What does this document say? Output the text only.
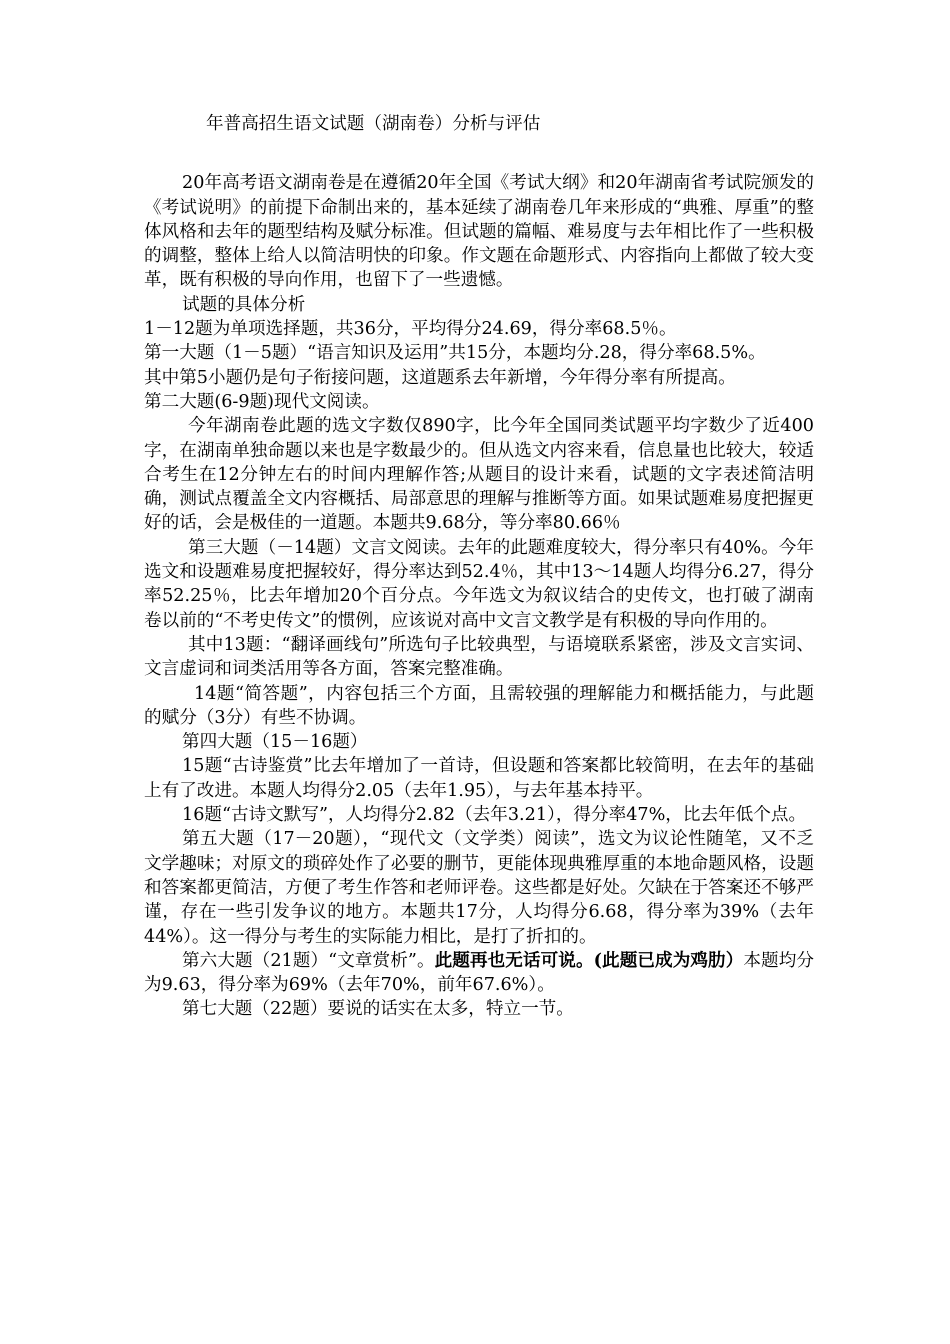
年普高招生语文试题（湖南卷）分析与评估

20年高考语文湖南卷是在遵循20年全国《考试大纲》和20年湖南省考试院颁发的《考试说明》的前提下命制出来的，基本延续了湖南卷几年来形成的“典雅、厚重”的整体风格和去年的题型结构及赋分标准。但试题的篇幅、难易度与去年相比作了一些积极的调整，整体上给人以简洁明快的印象。作文题在命题形式、内容指向上都做了较大变革，既有积极的导向作用，也留下了一些遗憾。

试题的具体分析

1－12题为单项选择题，共36分，平均得分24.69，得分率68.5％。

第一大题（1－5题）“语言知识及运用”共15分，本题均分.28，得分率68.5%。

其中第5小题仍是句子衔接问题，这道题系去年新增，今年得分率有所提高。

第二大题(6-9题)现代文阅读。

今年湖南卷此题的选文字数仅890字，比今年全国同类试题平均字数少了近400字，在湖南单独命题以来也是字数最少的。但从选文内容来看，信息量也比较大，较适合考生在12分钟左右的时间内理解作答;从题目的设计来看，试题的文字表述简洁明确，测试点覆盖全文内容概括、局部意思的理解与推断等方面。如果试题难易度把握更好的话，会是极佳的一道题。本题共9.68分，等分率80.66％

第三大题（－14题）文言文阅读。去年的此题难度较大，得分率只有40%。今年选文和设题难易度把握较好，得分率达到52.4％，其中13～14题人均得分6.27，得分率52.25％，比去年增加20个百分点。今年选文为叙议结合的史传文，也打破了湖南卷以前的“不考史传文”的惯例，应该说对高中文言文教学是有积极的导向作用的。

其中13题：“翻译画线句”所选句子比较典型，与语境联系紧密，涉及文言实词、文言虚词和词类活用等各方面，答案完整准确。

14题“简答题”，内容包括三个方面，且需较强的理解能力和概括能力，与此题的赋分（3分）有些不协调。

第四大题（15－16题）

15题“古诗鉴赏”比去年增加了一首诗，但设题和答案都比较简明，在去年的基础上有了改进。本题人均得分2.05（去年1.95），与去年基本持平。

16题“古诗文默写”，人均得分2.82（去年3.21），得分率47%，比去年低个点。

第五大题（17－20题），“现代文（文学类）阅读”，选文为议论性随笔，又不乏文学趣味；对原文的琐碎处作了必要的删节，更能体现典雅厚重的本地命题风格，设题和答案都更简洁，方便了考生作答和老师评卷。这些都是好处。欠缺在于答案还不够严谨，存在一些引发争议的地方。本题共17分，人均得分6.68，得分率为39%（去年44%）。这一得分与考生的实际能力相比，是打了折扣的。

第六大题（21题）“文章赏析”。此题再也无话可说。(此题已成为鸡肋）本题均分为9.63，得分率为69%（去年70%，前年67.6%）。

第七大题（22题）要说的话实在太多，特立一节。
